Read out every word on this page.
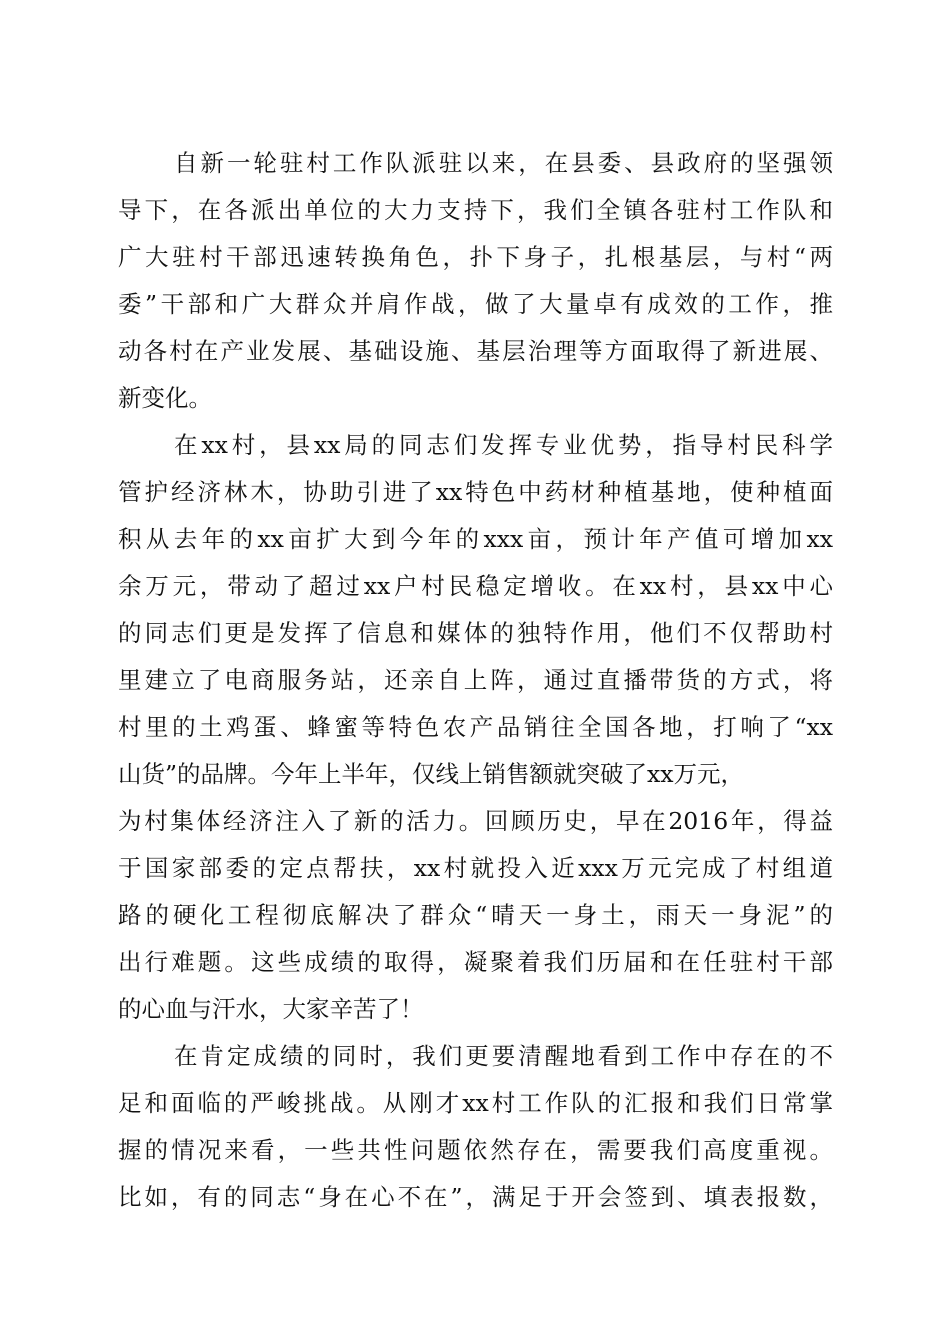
自新一轮驻村工作队派驻以来，在县委、县政府的坚强领
导下，在各派出单位的大力支持下，我们全镇各驻村工作队和
广大驻村干部迅速转换角色，扑下身子，扎根基层，与村“两
委”干部和广大群众并肩作战，做了大量卓有成效的工作，推
动各村在产业发展、基础设施、基层治理等方面取得了新进展、
新变化。
在xx村，县xx局的同志们发挥专业优势，指导村民科学
管护经济林木，协助引进了xx特色中药材种植基地，使种植面
积从去年的xx亩扩大到今年的xxx亩，预计年产值可增加xx
余万元，带动了超过xx户村民稳定增收。在xx村，县xx中心
的同志们更是发挥了信息和媒体的独特作用，他们不仅帮助村
里建立了电商服务站，还亲自上阵，通过直播带货的方式，将
村里的土鸡蛋、蜂蜜等特色农产品销往全国各地，打响了“xx
山货”的品牌。今年上半年，仅线上销售额就突破了xx万元，
为村集体经济注入了新的活力。回顾历史，早在2016年，得益
于国家部委的定点帮扶，xx村就投入近xxx万元完成了村组道
路的硬化工程彻底解决了群众“晴天一身土，雨天一身泥”的
出行难题。这些成绩的取得，凝聚着我们历届和在任驻村干部
的心血与汗水，大家辛苦了！
在肯定成绩的同时，我们更要清醒地看到工作中存在的不
足和面临的严峻挑战。从刚才xx村工作队的汇报和我们日常掌
握的情况来看，一些共性问题依然存在，需要我们高度重视。
比如，有的同志“身在心不在”，满足于开会签到、填表报数，
